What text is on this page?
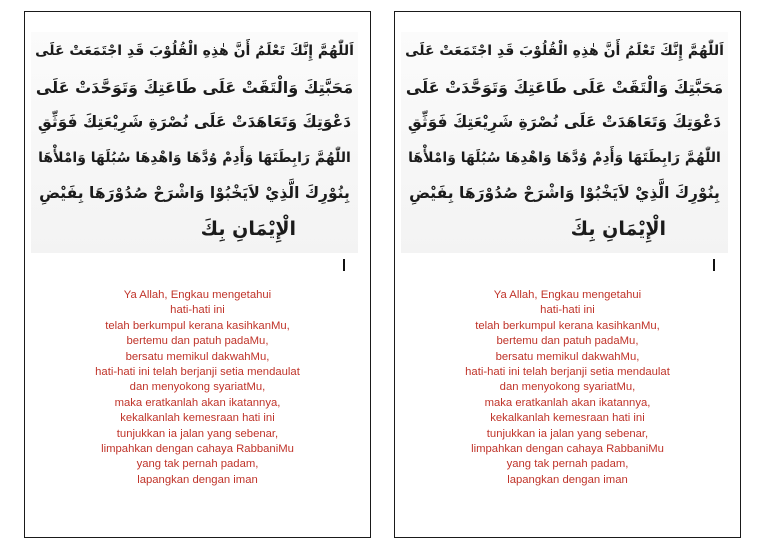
اَللّٰهُمَّ إِنَّكَ تَعْلَمُ أَنَّ هٰذِهِ الْقُلُوْبَ قَدِ اجْتَمَعَتْ عَلَى
مَحَبَّتِكَ وَالْتَقَتْ عَلَى طَاعَتِكَ وَتَوَحَّدَتْ عَلَى
دَعْوَتِكَ وَتَعَاهَدَتْ عَلَى نُصْرَةِ شَرِيْعَتِكَ فَوَثِّقِ
اللّٰهُمَّ رَابِطَتَهَا وَأَدِمْ وُدَّهَا وَاهْدِهَا سُبُلَهَا وَامْلأْهَا
بِنُوْرِكَ الَّذِيْ لاَيَخْبُوْا وَاشْرَحْ صُدُوْرَهَا بِفَيْضِ
الْإِيْمَانِ بِكَ
Ya Allah, Engkau mengetahui
hati-hati ini
telah berkumpul kerana kasihkanMu,
bertemu dan patuh padaMu,
bersatu memikul dakwahMu,
hati-hati ini telah berjanji setia mendaulat
dan menyokong syariatMu,
maka eratkanlah akan ikatannya,
kekalkanlah kemesraan hati ini
tunjukkan ia jalan yang sebenar,
limpahkan dengan cahaya RabbaniMu
yang tak pernah padam,
lapangkan dengan iman
اَللّٰهُمَّ إِنَّكَ تَعْلَمُ أَنَّ هٰذِهِ الْقُلُوْبَ قَدِ اجْتَمَعَتْ عَلَى
مَحَبَّتِكَ وَالْتَقَتْ عَلَى طَاعَتِكَ وَتَوَحَّدَتْ عَلَى
دَعْوَتِكَ وَتَعَاهَدَتْ عَلَى نُصْرَةِ شَرِيْعَتِكَ فَوَثِّقِ
اللّٰهُمَّ رَابِطَتَهَا وَأَدِمْ وُدَّهَا وَاهْدِهَا سُبُلَهَا وَامْلأْهَا
بِنُوْرِكَ الَّذِيْ لاَيَخْبُوْا وَاشْرَحْ صُدُوْرَهَا بِفَيْضِ
الْإِيْمَانِ بِكَ
Ya Allah, Engkau mengetahui
hati-hati ini
telah berkumpul kerana kasihkanMu,
bertemu dan patuh padaMu,
bersatu memikul dakwahMu,
hati-hati ini telah berjanji setia mendaulat
dan menyokong syariatMu,
maka eratkanlah akan ikatannya,
kekalkanlah kemesraan hati ini
tunjukkan ia jalan yang sebenar,
limpahkan dengan cahaya RabbaniMu
yang tak pernah padam,
lapangkan dengan iman
